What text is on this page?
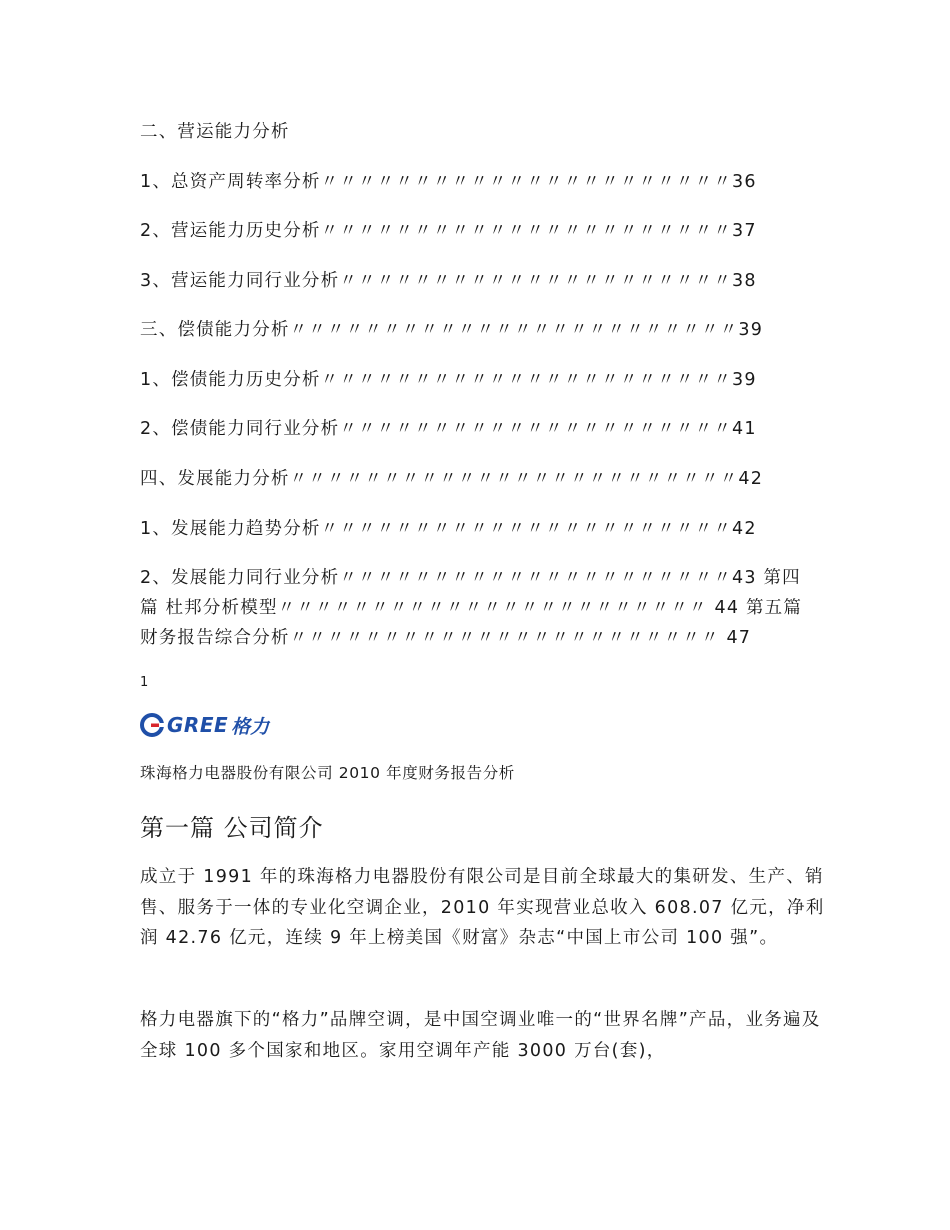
二、营运能力分析
1、总资产周转率分析〃〃〃〃〃〃〃〃〃〃〃〃〃〃〃〃〃〃〃〃〃〃36
2、营运能力历史分析〃〃〃〃〃〃〃〃〃〃〃〃〃〃〃〃〃〃〃〃〃〃37
3、营运能力同行业分析〃〃〃〃〃〃〃〃〃〃〃〃〃〃〃〃〃〃〃〃〃38
三、偿债能力分析〃〃〃〃〃〃〃〃〃〃〃〃〃〃〃〃〃〃〃〃〃〃〃〃39
1、偿债能力历史分析〃〃〃〃〃〃〃〃〃〃〃〃〃〃〃〃〃〃〃〃〃〃39
2、偿债能力同行业分析〃〃〃〃〃〃〃〃〃〃〃〃〃〃〃〃〃〃〃〃〃41
四、发展能力分析〃〃〃〃〃〃〃〃〃〃〃〃〃〃〃〃〃〃〃〃〃〃〃〃42
1、发展能力趋势分析〃〃〃〃〃〃〃〃〃〃〃〃〃〃〃〃〃〃〃〃〃〃42
2、发展能力同行业分析〃〃〃〃〃〃〃〃〃〃〃〃〃〃〃〃〃〃〃〃〃43 第四篇 杜邦分析模型〃〃〃〃〃〃〃〃〃〃〃〃〃〃〃〃〃〃〃〃〃〃〃 44 第五篇 财务报告综合分析〃〃〃〃〃〃〃〃〃〃〃〃〃〃〃〃〃〃〃〃〃〃〃 47
1
GREE 格力
珠海格力电器股份有限公司 2010 年度财务报告分析
第一篇 公司简介
成立于 1991 年的珠海格力电器股份有限公司是目前全球最大的集研发、生产、销售、服务于一体的专业化空调企业，2010 年实现营业总收入 608.07 亿元，净利润 42.76 亿元，连续 9 年上榜美国《财富》杂志“中国上市公司 100 强”。
格力电器旗下的“格力”品牌空调，是中国空调业唯一的“世界名牌”产品，业务遍及全球 100 多个国家和地区。家用空调年产能 3000 万台(套)，
